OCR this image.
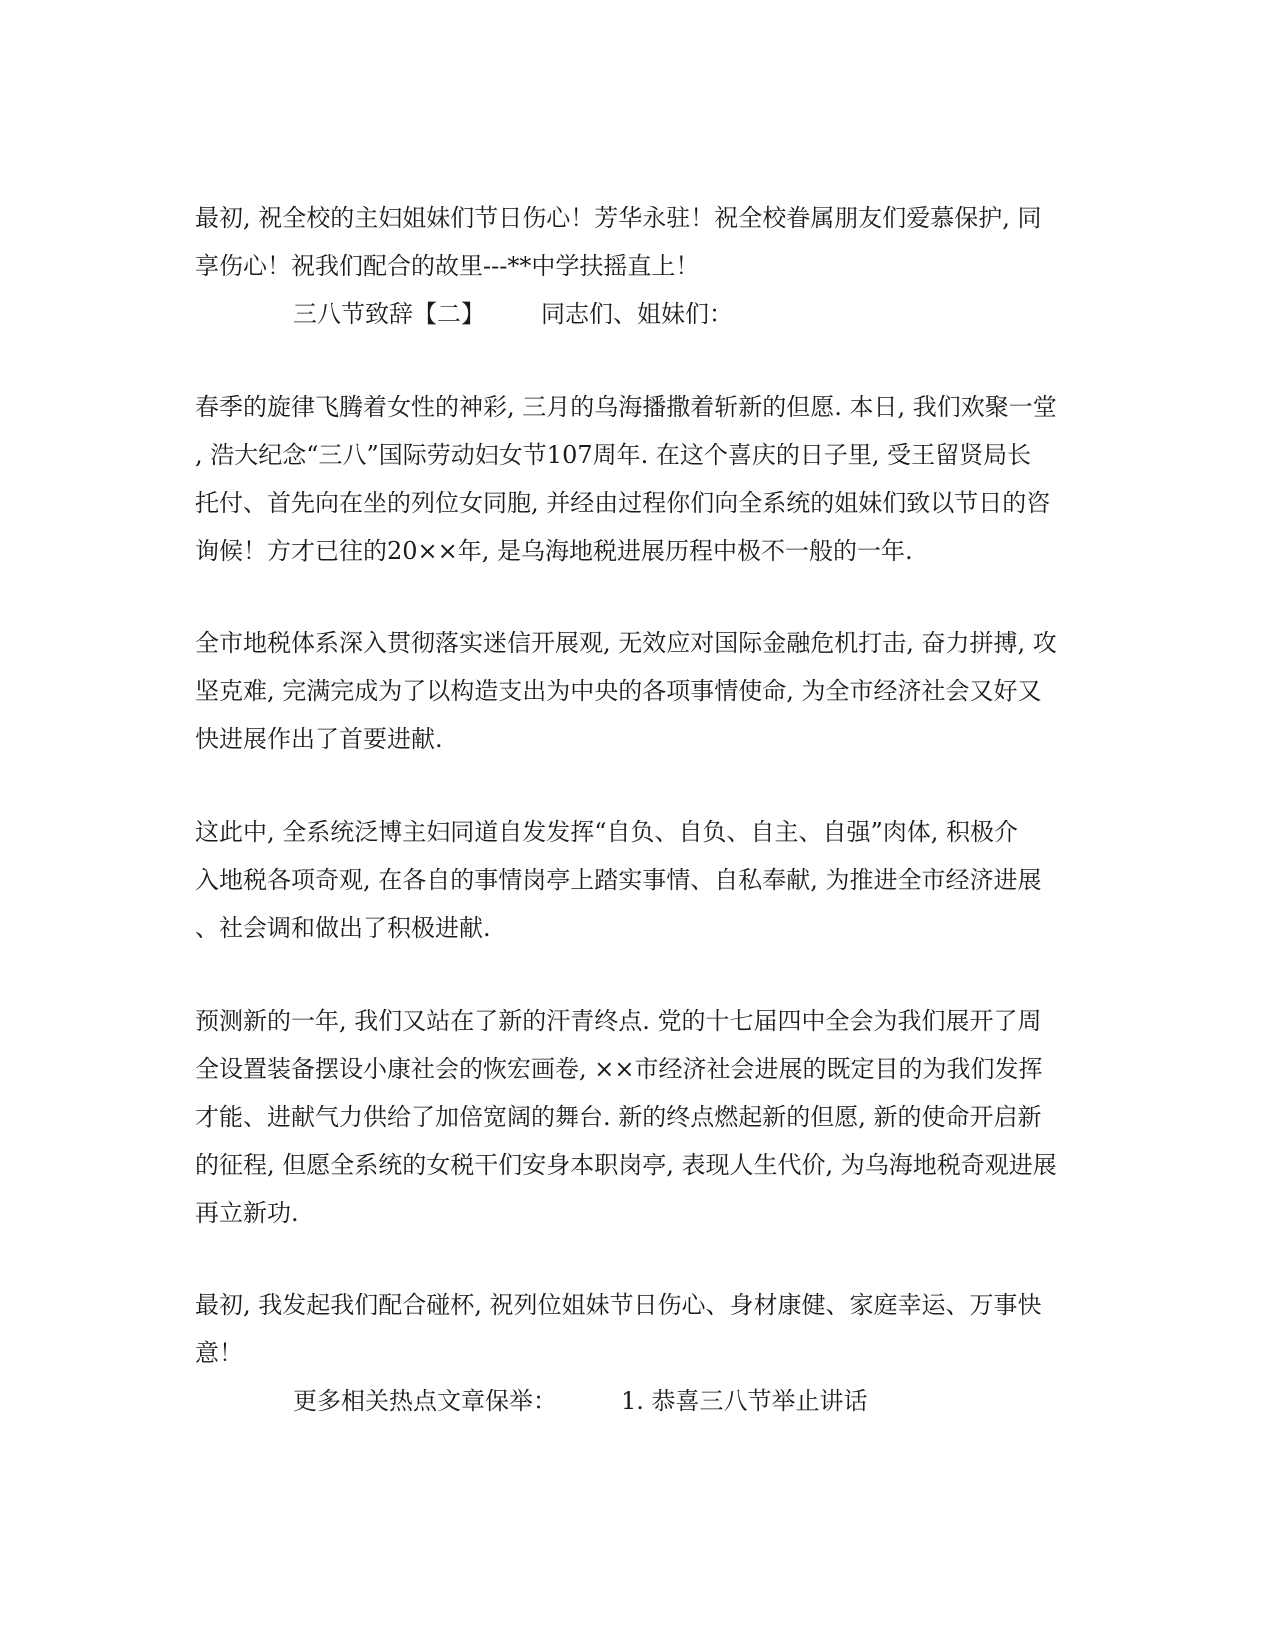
最初, 祝全校的主妇姐妹们节日伤心！芳华永驻！祝全校眷属朋友们爱慕保护, 同
享伤心！祝我们配合的故里---**中学扶摇直上！
三八节致辞【二】 同志们、姐妹们：
春季的旋律飞腾着女性的神彩, 三月的乌海播撒着斩新的但愿. 本日, 我们欢聚一堂
, 浩大纪念“三八”国际劳动妇女节107周年. 在这个喜庆的日子里, 受王留贤局长
托付、首先向在坐的列位女同胞, 并经由过程你们向全系统的姐妹们致以节日的咨
询候！方才已往的20××年, 是乌海地税进展历程中极不一般的一年.
全市地税体系深入贯彻落实迷信开展观, 无效应对国际金融危机打击, 奋力拼搏, 攻
坚克难, 完满完成为了以构造支出为中央的各项事情使命, 为全市经济社会又好又
快进展作出了首要进献.
这此中, 全系统泛博主妇同道自发发挥“自负、自负、自主、自强”肉体, 积极介
入地税各项奇观, 在各自的事情岗亭上踏实事情、自私奉献, 为推进全市经济进展
、社会调和做出了积极进献.
预测新的一年, 我们又站在了新的汗青终点. 党的十七届四中全会为我们展开了周
全设置装备摆设小康社会的恢宏画卷, ××市经济社会进展的既定目的为我们发挥
才能、进献气力供给了加倍宽阔的舞台. 新的终点燃起新的但愿, 新的使命开启新
的征程, 但愿全系统的女税干们安身本职岗亭, 表现人生代价, 为乌海地税奇观进展
再立新功.
最初, 我发起我们配合碰杯, 祝列位姐妹节日伤心、身材康健、家庭幸运、万事快
意！
更多相关热点文章保举：	1. 恭喜三八节举止讲话
